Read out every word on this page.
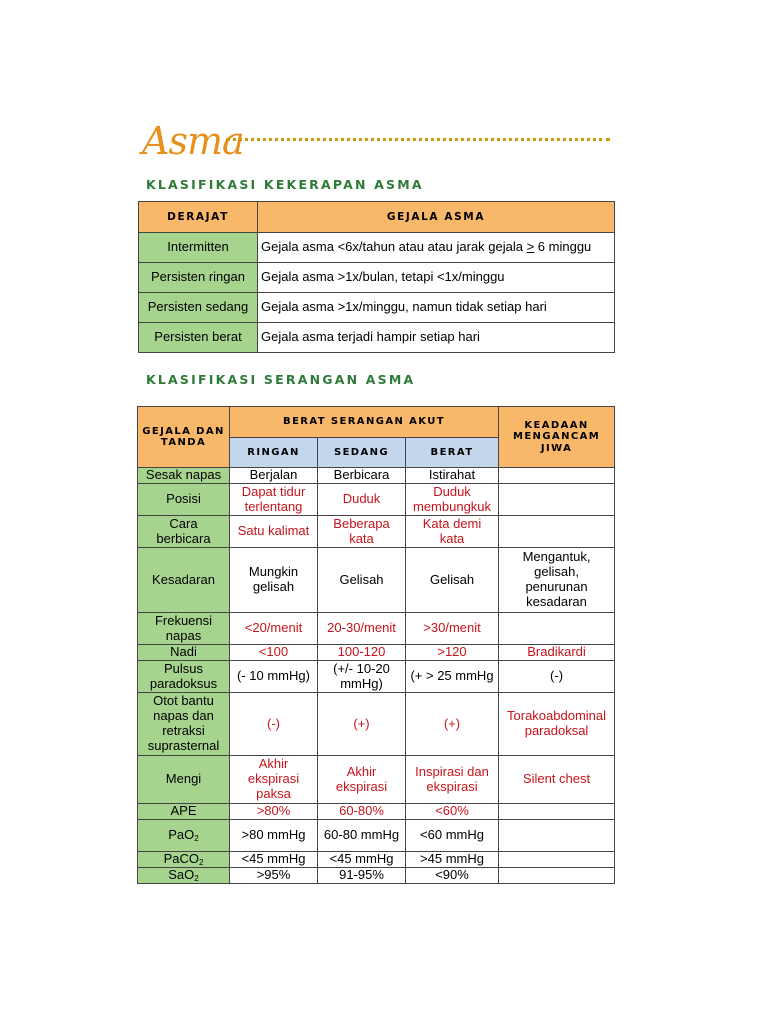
Asma
KLASIFIKASI KEKERAPAN ASMA
DERAJAT	GEJALA ASMA
Intermitten	Gejala asma <6x/tahun atau atau jarak gejala > 6 minggu
Persisten ringan	Gejala asma >1x/bulan, tetapi <1x/minggu
Persisten sedang	Gejala asma >1x/minggu, namun tidak setiap hari
Persisten berat	Gejala asma terjadi hampir setiap hari
KLASIFIKASI SERANGAN ASMA
GEJALA DAN TANDA	BERAT SERANGAN AKUT			KEADAAN MENGANCAM JIWA
	RINGAN	SEDANG	BERAT	
Sesak napas	Berjalan	Berbicara	Istirahat	
Posisi	Dapat tidur terlentang	Duduk	Duduk membungkuk	
Cara berbicara	Satu kalimat	Beberapa kata	Kata demi kata	
Kesadaran	Mungkin gelisah	Gelisah	Gelisah	Mengantuk, gelisah, penurunan kesadaran
Frekuensi napas	<20/menit	20-30/menit	>30/menit	
Nadi	<100	100-120	>120	Bradikardi
Pulsus paradoksus	(- 10 mmHg)	(+/- 10-20 mmHg)	(+ > 25 mmHg	(-)
Otot bantu napas dan retraksi suprasternal	(-)	(+)	(+)	Torakoabdominal paradoksal
Mengi	Akhir ekspirasi paksa	Akhir ekspirasi	Inspirasi dan ekspirasi	Silent chest
APE	>80%	60-80%	<60%	
PaO$_2$	>80 mmHg	60-80 mmHg	<60 mmHg	
PaCO$_2$	<45 mmHg	<45 mmHg	>45 mmHg	
SaO$_2$	>95%	91-95%	<90%	
